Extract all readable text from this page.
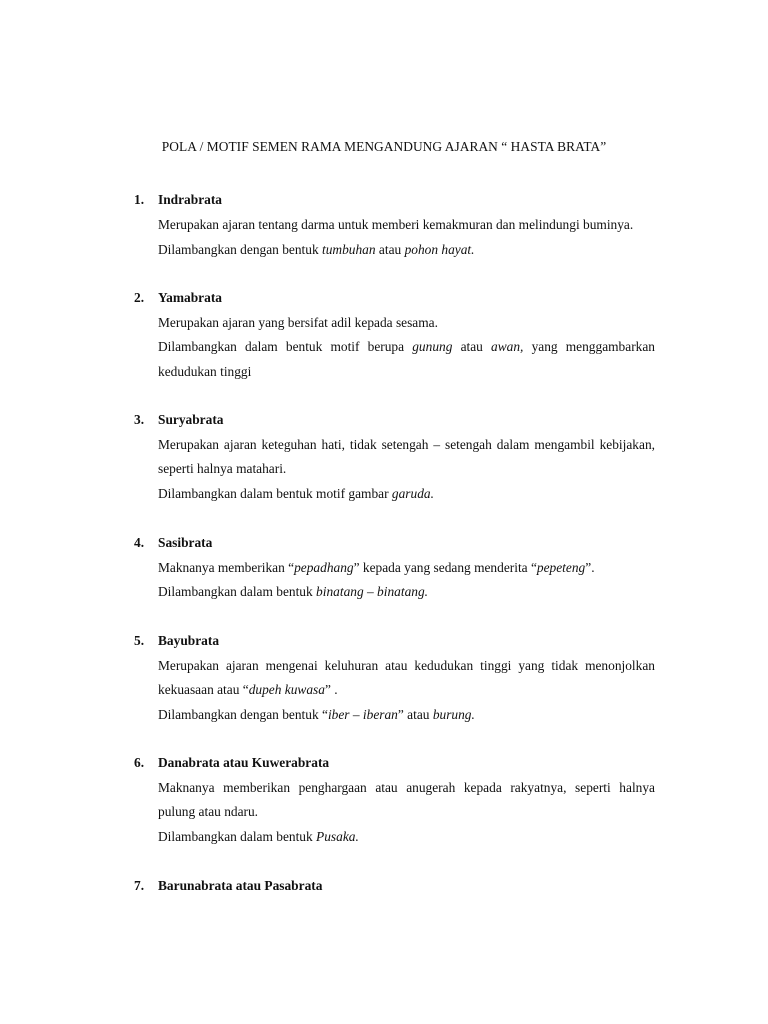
POLA / MOTIF SEMEN RAMA MENGANDUNG AJARAN “ HASTA BRATA”
1. Indrabrata
Merupakan ajaran tentang darma untuk memberi kemakmuran dan melindungi buminya.
Dilambangkan dengan bentuk tumbuhan atau pohon hayat.
2. Yamabrata
Merupakan ajaran yang bersifat adil kepada sesama.
Dilambangkan dalam bentuk motif berupa gunung atau awan, yang menggambarkan
kedudukan tinggi
3. Suryabrata
Merupakan ajaran keteguhan hati, tidak setengah – setengah dalam mengambil kebijakan,
seperti halnya matahari.
Dilambangkan dalam bentuk motif gambar garuda.
4. Sasibrata
Maknanya memberikan “pepadhang” kepada yang sedang menderita “pepeteng”.
Dilambangkan dalam bentuk binatang – binatang.
5. Bayubrata
Merupakan ajaran mengenai keluhuran atau kedudukan tinggi yang tidak menonjolkan
kekuasaan atau “dupeh kuwasa” .
Dilambangkan dengan bentuk “iber – iberan” atau burung.
6. Danabrata atau Kuwerabrata
Maknanya memberikan penghargaan atau anugerah kepada rakyatnya, seperti halnya
pulung atau ndaru.
Dilambangkan dalam bentuk Pusaka.
7. Barunabrata atau Pasabrata
